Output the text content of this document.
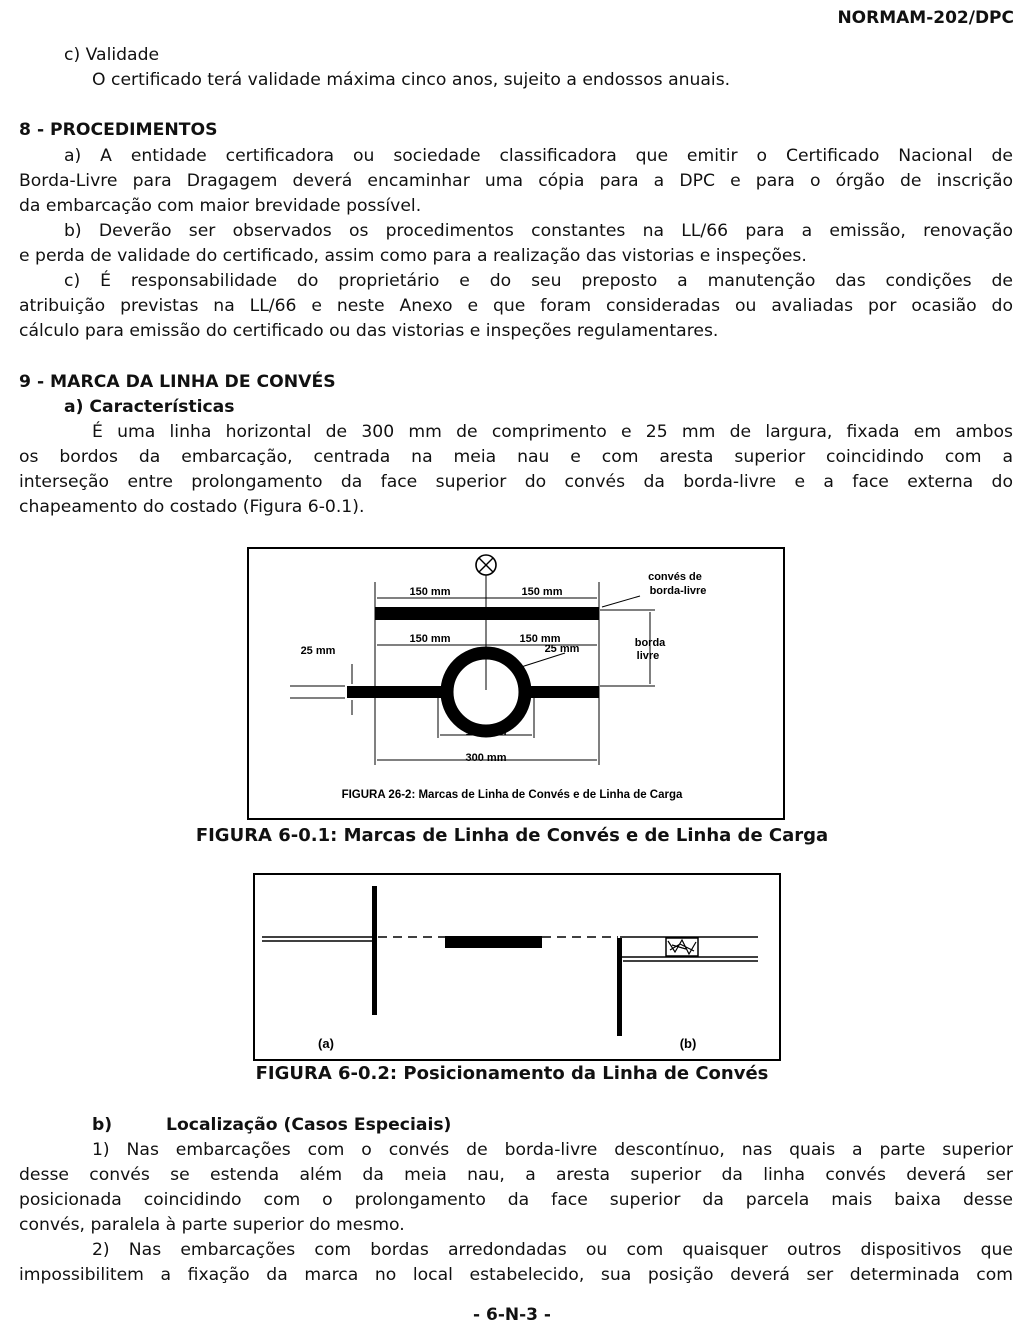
NORMAM-202/DPC
c) Validade
O certificado terá validade máxima cinco anos, sujeito a endossos anuais.
8 - PROCEDIMENTOS
a) A entidade certificadora ou sociedade classificadora que emitir o Certificado Nacional de
Borda-Livre para Dragagem deverá encaminhar uma cópia para a DPC e para o órgão de inscrição
da embarcação com maior brevidade possível.
b) Deverão ser observados os procedimentos constantes na LL/66 para a emissão, renovação
e perda de validade do certificado, assim como para a realização das vistorias e inspeções.
c) É responsabilidade do proprietário e do seu preposto a manutenção das condições de
atribuição previstas na LL/66 e neste Anexo e que foram consideradas ou avaliadas por ocasião do
cálculo para emissão do certificado ou das vistorias e inspeções regulamentares.
9 - MARCA DA LINHA DE CONVÉS
a) Características
É uma linha horizontal de 300 mm de comprimento e 25 mm de largura, fixada em ambos
os bordos da embarcação, centrada na meia nau e com aresta superior coincidindo com a
interseção entre prolongamento da face superior do convés da borda-livre e a face externa do
chapeamento do costado (Figura 6-0.1).
150 mm	150 mm
150 mm	150 mm
25 mm
25 mm
180 mm
300 mm
convés de
borda-livre
borda
livre
FIGURA 26-2: Marcas de Linha de Convés e de Linha de Carga
FIGURA 6-0.1: Marcas de Linha de Convés e de Linha de Carga
(a)	(b)
FIGURA 6-0.2: Posicionamento da Linha de Convés
b)	Localização (Casos Especiais)
1) Nas embarcações com o convés de borda-livre descontínuo, nas quais a parte superior
desse convés se estenda além da meia nau, a aresta superior da linha convés deverá ser
posicionada coincidindo com o prolongamento da face superior da parcela mais baixa desse
convés, paralela à parte superior do mesmo.
2) Nas embarcações com bordas arredondadas ou com quaisquer outros dispositivos que
impossibilitem a fixação da marca no local estabelecido, sua posição deverá ser determinada com
- 6-N-3 -
